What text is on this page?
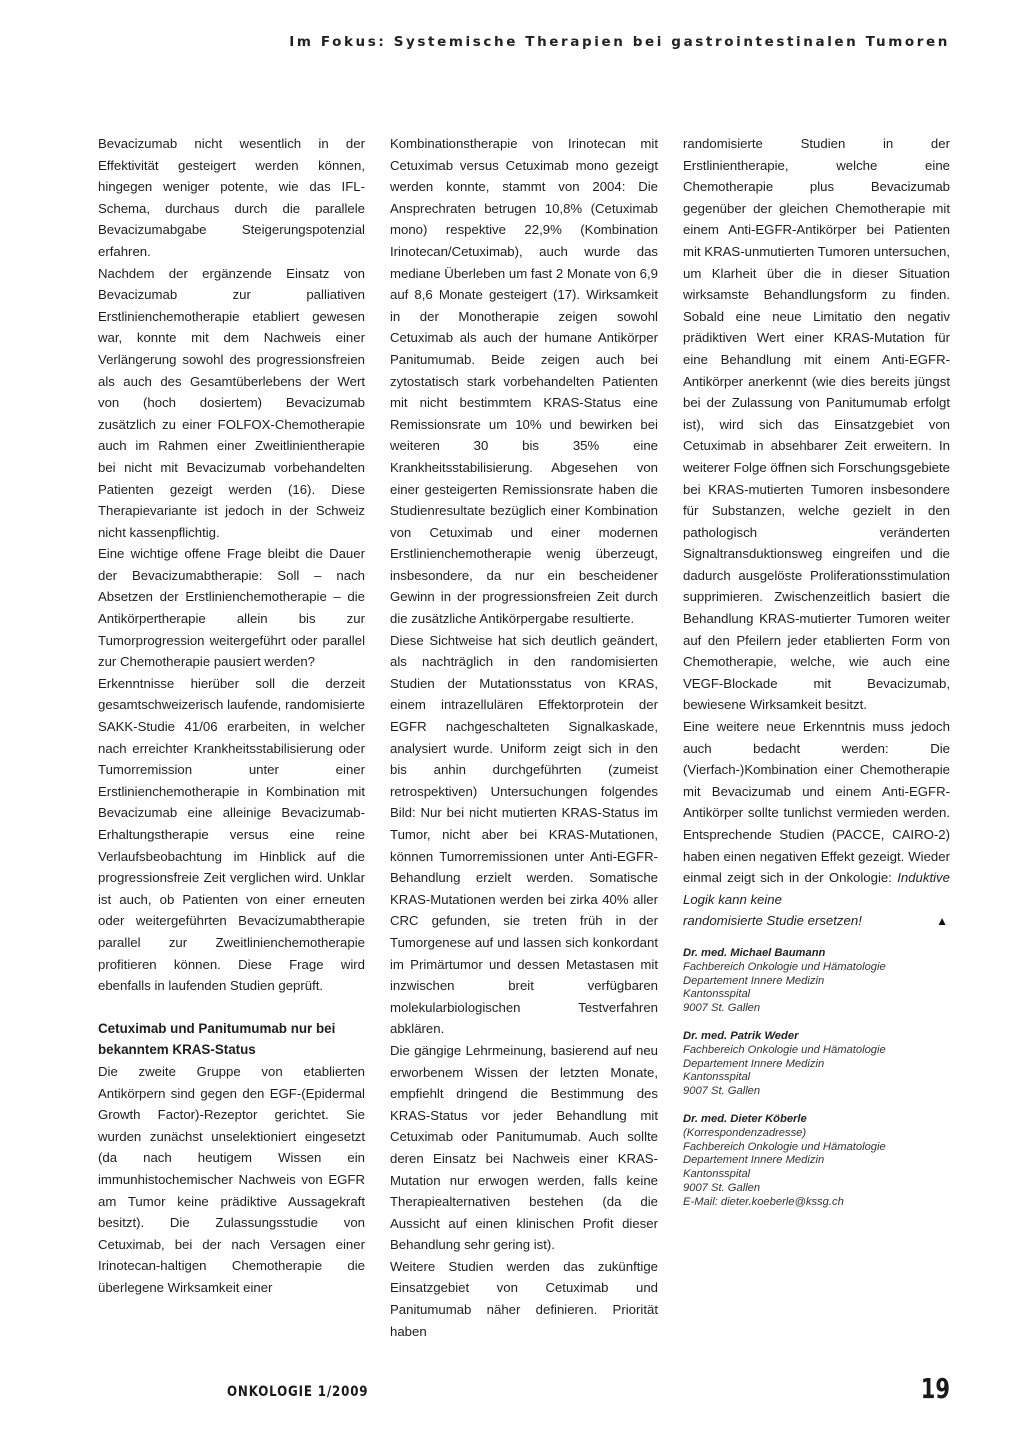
Im Fokus: Systemische Therapien bei gastrointestinalen Tumoren

Bevacizumab nicht wesentlich in der Effektivität gesteigert werden können, hingegen weniger potente, wie das IFL-Schema, durchaus durch die parallele Bevacizumabgabe Steigerungspotenzial erfahren.

Nachdem der ergänzende Einsatz von Bevacizumab zur palliativen Erstlinienchemotherapie etabliert gewesen war, konnte mit dem Nachweis einer Verlängerung sowohl des progressionsfreien als auch des Gesamtüberlebens der Wert von (hoch dosiertem) Bevacizumab zusätzlich zu einer FOLFOX-Chemotherapie auch im Rahmen einer Zweitlinientherapie bei nicht mit Bevacizumab vorbehandelten Patienten gezeigt werden (16). Diese Therapievariante ist jedoch in der Schweiz nicht kassenpflichtig.

Eine wichtige offene Frage bleibt die Dauer der Bevacizumabtherapie: Soll – nach Absetzen der Erstlinienchemotherapie – die Antikörpertherapie allein bis zur Tumorprogression weitergeführt oder parallel zur Chemotherapie pausiert werden?

Erkenntnisse hierüber soll die derzeit gesamtschweizerisch laufende, randomisierte SAKK-Studie 41/06 erarbeiten, in welcher nach erreichter Krankheitsstabilisierung oder Tumorremission unter einer Erstlinienchemotherapie in Kombination mit Bevacizumab eine alleinige Bevacizumab-Erhaltungstherapie versus eine reine Verlaufsbeobachtung im Hinblick auf die progressionsfreie Zeit verglichen wird. Unklar ist auch, ob Patienten von einer erneuten oder weitergeführten Bevacizumabtherapie parallel zur Zweitlinienchemotherapie profitieren können. Diese Frage wird ebenfalls in laufenden Studien geprüft.

Cetuximab und Panitumumab nur bei
bekanntem KRAS-Status

Die zweite Gruppe von etablierten Antikörpern sind gegen den EGF-(Epidermal Growth Factor)-Rezeptor gerichtet. Sie wurden zunächst unselektioniert eingesetzt (da nach heutigem Wissen ein immunhistochemischer Nachweis von EGFR am Tumor keine prädiktive Aussagekraft besitzt). Die Zulassungsstudie von Cetuximab, bei der nach Versagen einer Irinotecan-haltigen Chemotherapie die überlegene Wirksamkeit einer

Kombinationstherapie von Irinotecan mit Cetuximab versus Cetuximab mono gezeigt werden konnte, stammt von 2004: Die Ansprechraten betrugen 10,8% (Cetuximab mono) respektive 22,9% (Kombination Irinotecan/Cetuximab), auch wurde das mediane Überleben um fast 2 Monate von 6,9 auf 8,6 Monate gesteigert (17). Wirksamkeit in der Monotherapie zeigen sowohl Cetuximab als auch der humane Antikörper Panitumumab. Beide zeigen auch bei zytostatisch stark vorbehandelten Patienten mit nicht bestimmtem KRAS-Status eine Remissionsrate um 10% und bewirken bei weiteren 30 bis 35% eine Krankheitsstabilisierung. Abgesehen von einer gesteigerten Remissionsrate haben die Studienresultate bezüglich einer Kombination von Cetuximab und einer modernen Erstlinienchemotherapie wenig überzeugt, insbesondere, da nur ein bescheidener Gewinn in der progressionsfreien Zeit durch die zusätzliche Antikörpergabe resultierte.

Diese Sichtweise hat sich deutlich geändert, als nachträglich in den randomisierten Studien der Mutationsstatus von KRAS, einem intrazellulären Effektorprotein der EGFR nachgeschalteten Signalkaskade, analysiert wurde. Uniform zeigt sich in den bis anhin durchgeführten (zumeist retrospektiven) Untersuchungen folgendes Bild: Nur bei nicht mutierten KRAS-Status im Tumor, nicht aber bei KRAS-Mutationen, können Tumorremissionen unter Anti-EGFR-Behandlung erzielt werden. Somatische KRAS-Mutationen werden bei zirka 40% aller CRC gefunden, sie treten früh in der Tumorgenese auf und lassen sich konkordant im Primärtumor und dessen Metastasen mit inzwischen breit verfügbaren molekularbiologischen Testverfahren abklären.

Die gängige Lehrmeinung, basierend auf neu erworbenem Wissen der letzten Monate, empfiehlt dringend die Bestimmung des KRAS-Status vor jeder Behandlung mit Cetuximab oder Panitumumab. Auch sollte deren Einsatz bei Nachweis einer KRAS-Mutation nur erwogen werden, falls keine Therapiealternativen bestehen (da die Aussicht auf einen klinischen Profit dieser Behandlung sehr gering ist).

Weitere Studien werden das zukünftige Einsatzgebiet von Cetuximab und Panitumumab näher definieren. Priorität haben

randomisierte Studien in der Erstlinientherapie, welche eine Chemotherapie plus Bevacizumab gegenüber der gleichen Chemotherapie mit einem Anti-EGFR-Antikörper bei Patienten mit KRAS-unmutierten Tumoren untersuchen, um Klarheit über die in dieser Situation wirksamste Behandlungsform zu finden. Sobald eine neue Limitatio den negativ prädiktiven Wert einer KRAS-Mutation für eine Behandlung mit einem Anti-EGFR-Antikörper anerkennt (wie dies bereits jüngst bei der Zulassung von Panitumumab erfolgt ist), wird sich das Einsatzgebiet von Cetuximab in absehbarer Zeit erweitern. In weiterer Folge öffnen sich Forschungsgebiete bei KRAS-mutierten Tumoren insbesondere für Substanzen, welche gezielt in den pathologisch veränderten Signaltransduktionsweg eingreifen und die dadurch ausgelöste Proliferationsstimulation supprimieren. Zwischenzeitlich basiert die Behandlung KRAS-mutierter Tumoren weiter auf den Pfeilern jeder etablierten Form von Chemotherapie, welche, wie auch eine VEGF-Blockade mit Bevacizumab, bewiesene Wirksamkeit besitzt.

Eine weitere neue Erkenntnis muss jedoch auch bedacht werden: Die (Vierfach-)Kombination einer Chemotherapie mit Bevacizumab und einem Anti-EGFR-Antikörper sollte tunlichst vermieden werden. Entsprechende Studien (PACCE, CAIRO-2) haben einen negativen Effekt gezeigt. Wieder einmal zeigt sich in der Onkologie: Induktive Logik kann keine

randomisierte Studie ersetzen!	▲
Dr. med. Michael Baumann
Fachbereich Onkologie und Hämatologie
Departement Innere Medizin
Kantonsspital
9007 St. Gallen
Dr. med. Patrik Weder
Fachbereich Onkologie und Hämatologie
Departement Innere Medizin
Kantonsspital
9007 St. Gallen
Dr. med. Dieter Köberle
(Korrespondenzadresse)
Fachbereich Onkologie und Hämatologie
Departement Innere Medizin
Kantonsspital
9007 St. Gallen
E-Mail: dieter.koeberle@kssg.ch
ONKOLOGIE 1/2009	19
